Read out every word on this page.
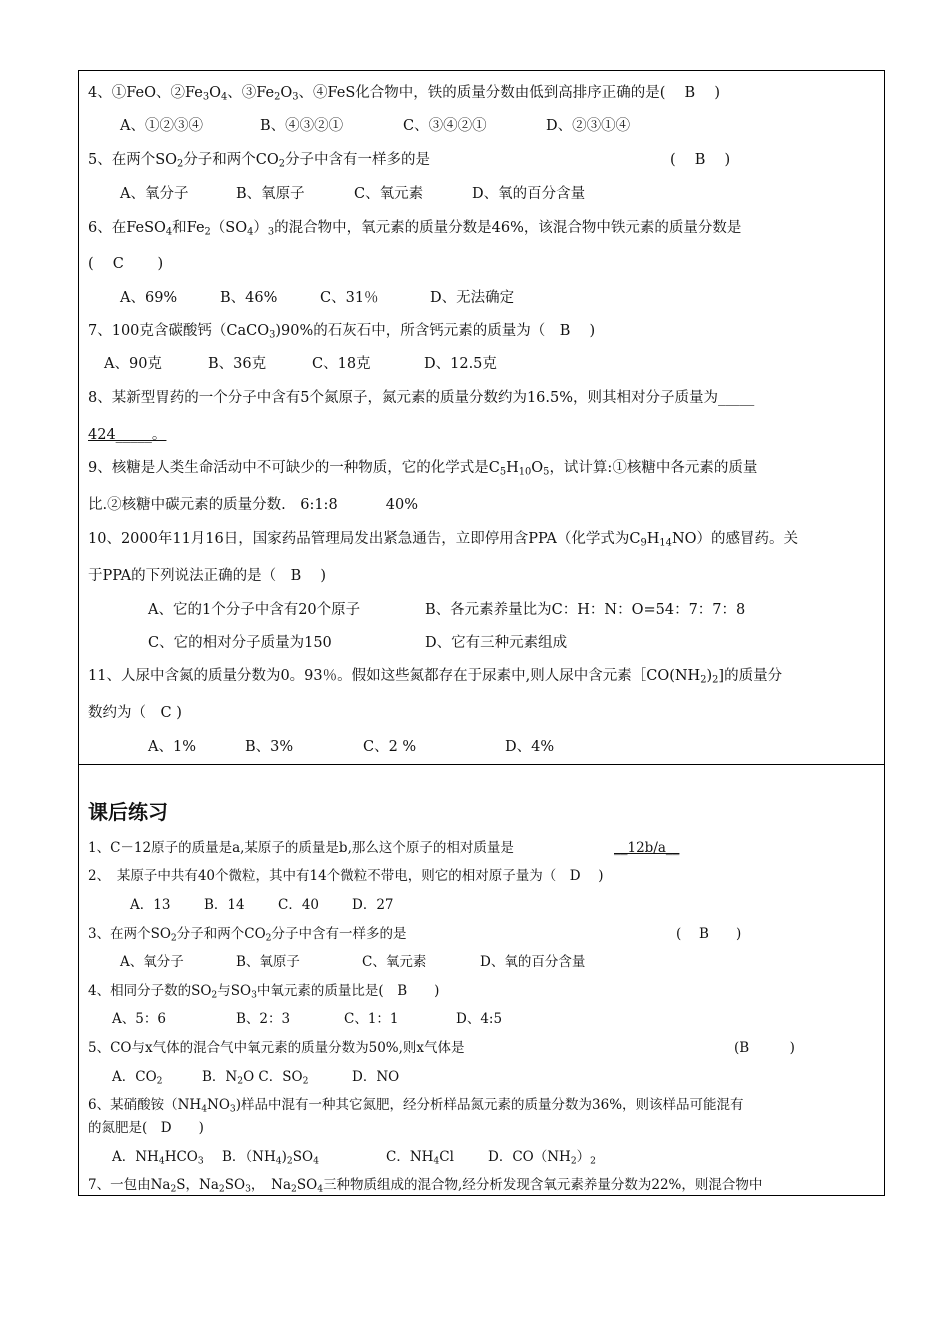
4、①FeO、$②Fe_3O_4$、$③Fe_2O_3$、④FeS化合物中，铁的质量分数由低到高排序正确的是(　 B　 )
A、①②③④	B、④③②①	C、③④②①	D、②③①④
5、在两个$SO_2$分子和两个$CO_2$分子中含有一样多的是	(　 B　 )
A、氧分子	B、氧原子	C、氧元素	D、氧的百分含量
6、在FeSO$_4$和$Fe_2(SO_4)_3$的混合物中，氧元素的质量分数是46%，该混合物中铁元素的质量分数是
(　 C　　 )
A、69%	B、46%	C、31％	D、无法确定
7、100克含碳酸钙（CaCO$_3$)90%的石灰石中，所含钙元素的质量为（　B　 )
A、90克	B、36克	C、18克	D、12.5克
8、某新型胃药的一个分子中含有5个氮原子，氮元素的质量分数约为16.5%，则其相对分子质量为_____
424_____。
9、核糖是人类生命活动中不可缺少的一种物质，它的化学式是$C_5H_{10}O_5$，试计算:①核糖中各元素的质量
比.②核糖中碳元素的质量分数.　6:1:8　　　 40%
10、2000年11月16日，国家药品管理局发出紧急通告，立即停用含PPA（化学式为$C_9H_{14}NO$）的感冒药。关
于PPA的下列说法正确的是（　B　 )
A、它的1个分子中含有20个原子	B、各元素养量比为C：H：N：O=54：7：7：8
C、它的相对分子质量为150	D、它有三种元素组成
11、人尿中含氮的质量分数为0。93％。假如这些氮都存在于尿素中,则人尿中含元素$[CO(NH_2)_2$]的质量分
数约为（　C )
A、1%	B、3%	C、2 %	D、4%
课后练习
1、C－12原子的质量是a,某原子的质量是b,那么这个原子的相对质量是	__12b/a__
2、　某原子中共有40个微粒，其中有14个微粒不带电，则它的相对原子量为（　D　 )
A．13 B．14 C．40 D．27
3、在两个$SO_2$分子和两个$CO_2$分子中含有一样多的是	(　 B　　)
A、氧分子	B、氧原子	C、氧元素	D、氧的百分含量
4、相同分子数的$SO_2$与$SO_3$中氧元素的质量比是(　B　　)
A、5：6	B、2：3	C、1：1	D、4:5
5、CO与x气体的混合气中氧元素的质量分数为50%,则x气体是	(B　　　)
A．$CO_2$	B．$N_2O$ C．$SO_2$	D．NO
6、某硝酸铵$(NH_4NO_3)$样品中混有一种其它氮肥，经分析样品氮元素的质量分数为36%，则该样品可能混有
的氮肥是(　D　　)
A．$NH_4HCO_3$ B．$(NH_4)_2SO_4$	C．$NH_4Cl$	D．$CO(NH_2)_2$
7、一包由$Na_2S$，$Na_2SO_3$，　$Na_2SO_4$三种物质组成的混合物,经分析发现含氧元素养量分数为22%，则混合物中
